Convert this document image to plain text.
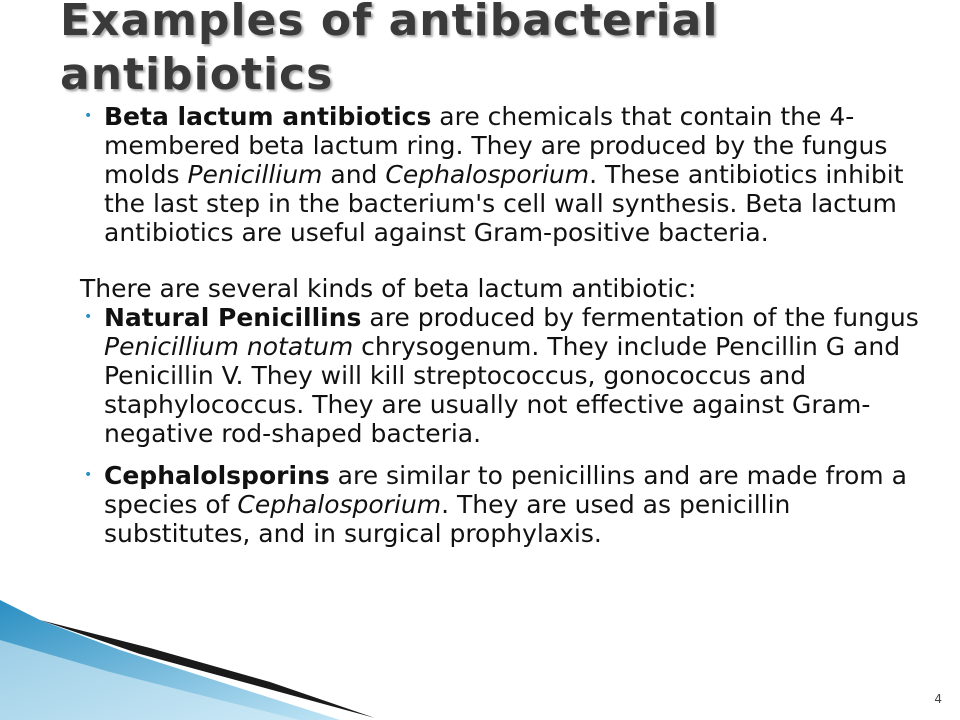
Examples of antibacterial antibiotics
• Beta lactum antibiotics are chemicals that contain the 4-membered beta lactum ring. They are produced by the fungus molds Penicillium and Cephalosporium. These antibiotics inhibit the last step in the bacterium's cell wall synthesis. Beta lactum antibiotics are useful against Gram-positive bacteria.

There are several kinds of beta lactum antibiotic:

• Natural Penicillins are produced by fermentation of the fungus Penicillium notatum chrysogenum. They include Pencillin G and Penicillin V. They will kill streptococcus, gonococcus and staphylococcus. They are usually not effective against Gram-negative rod-shaped bacteria.

• Cephalolsporins are similar to penicillins and are made from a species of Cephalosporium. They are used as penicillin substitutes, and in surgical prophylaxis.

4
